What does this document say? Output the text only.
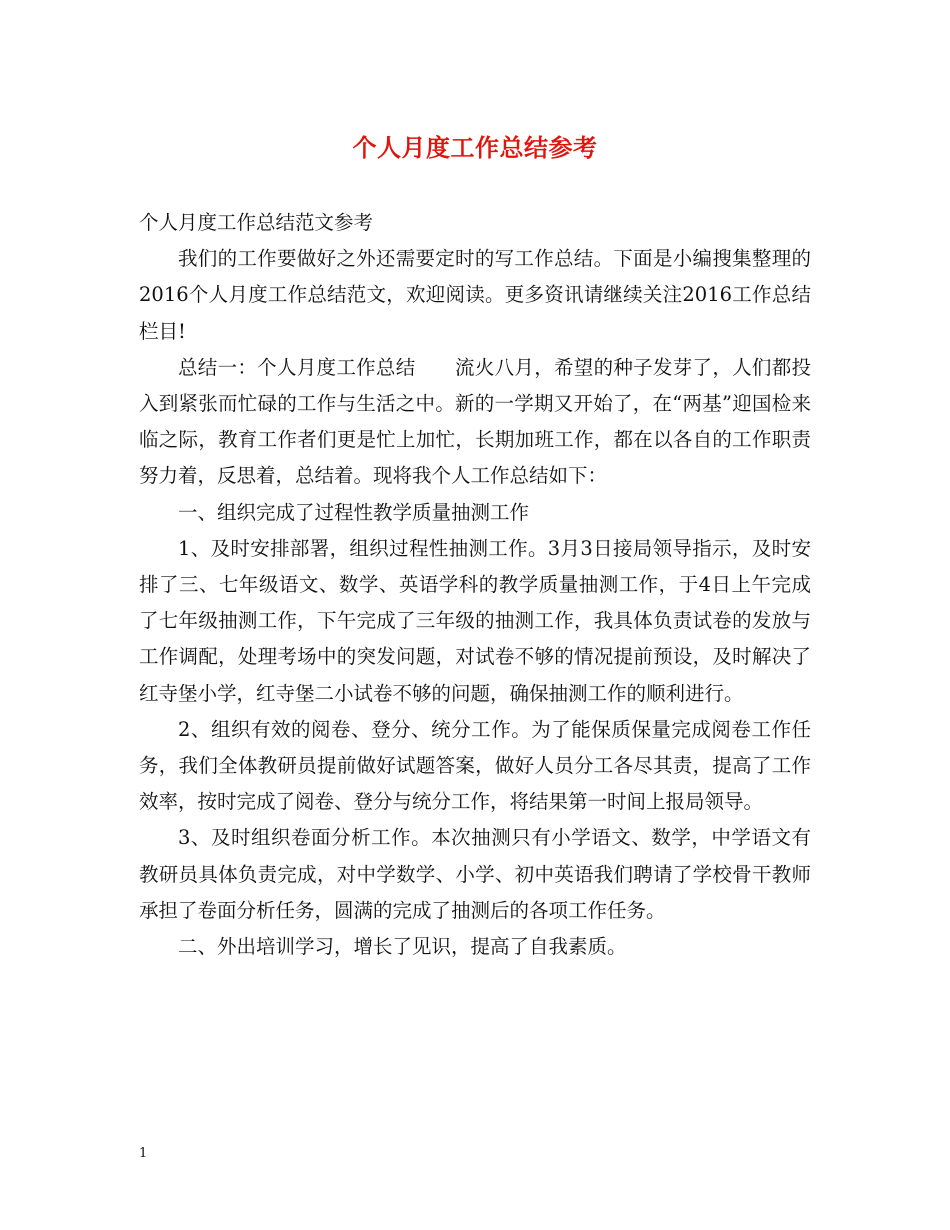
个人月度工作总结参考

个人月度工作总结范文参考

我们的工作要做好之外还需要定时的写工作总结。下面是小编搜集整理的2016个人月度工作总结范文，欢迎阅读。更多资讯请继续关注2016工作总结栏目!

总结一：个人月度工作总结　　流火八月，希望的种子发芽了，人们都投入到紧张而忙碌的工作与生活之中。新的一学期又开始了，在“两基”迎国检来临之际，教育工作者们更是忙上加忙，长期加班工作，都在以各自的工作职责努力着，反思着，总结着。现将我个人工作总结如下：

一、组织完成了过程性教学质量抽测工作

1、及时安排部署，组织过程性抽测工作。3月3日接局领导指示，及时安排了三、七年级语文、数学、英语学科的教学质量抽测工作，于4日上午完成了七年级抽测工作，下午完成了三年级的抽测工作，我具体负责试卷的发放与工作调配，处理考场中的突发问题，对试卷不够的情况提前预设，及时解决了红寺堡小学，红寺堡二小试卷不够的问题，确保抽测工作的顺利进行。

2、组织有效的阅卷、登分、统分工作。为了能保质保量完成阅卷工作任务，我们全体教研员提前做好试题答案，做好人员分工各尽其责，提高了工作效率，按时完成了阅卷、登分与统分工作，将结果第一时间上报局领导。

3、及时组织卷面分析工作。本次抽测只有小学语文、数学，中学语文有教研员具体负责完成，对中学数学、小学、初中英语我们聘请了学校骨干教师承担了卷面分析任务，圆满的完成了抽测后的各项工作任务。

二、外出培训学习，增长了见识，提高了自我素质。

1
